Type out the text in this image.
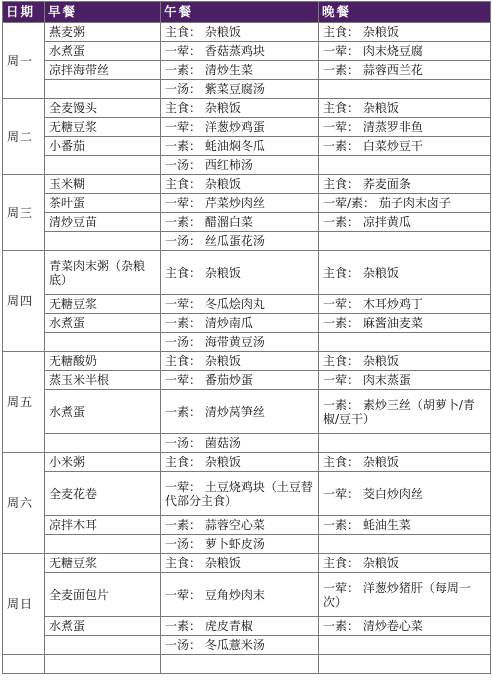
日期	早餐	午餐	晚餐
周一	燕麦粥	主食： 杂粮饭	主食： 杂粮饭
	水煮蛋	一荤： 香菇蒸鸡块	一荤： 肉末烧豆腐
	凉拌海带丝	一素： 清炒生菜	一素： 蒜蓉西兰花
		一汤： 紫菜豆腐汤	
周二	全麦馒头	主食： 杂粮饭	主食： 杂粮饭
	无糖豆浆	一荤： 洋葱炒鸡蛋	一荤： 清蒸罗非鱼
	小番茄	一素： 蚝油焖冬瓜	一素： 白菜炒豆干
		一汤： 西红柿汤	
周三	玉米糊	主食： 杂粮饭	主食： 荞麦面条
	茶叶蛋	一荤： 芹菜炒肉丝	一荤/素： 茄子肉末卤子
	清炒豆苗	一素： 醋溜白菜	一素： 凉拌黄瓜
		一汤： 丝瓜蛋花汤	
周四	青菜肉末粥（杂粮底）	主食： 杂粮饭	主食： 杂粮饭
	无糖豆浆	一荤： 冬瓜烩肉丸	一荤： 木耳炒鸡丁
	水煮蛋	一素： 清炒南瓜	一素： 麻酱油麦菜
		一汤： 海带黄豆汤	
周五	无糖酸奶	主食： 杂粮饭	主食： 杂粮饭
	蒸玉米半根	一荤： 番茄炒蛋	一荤： 肉末蒸蛋
	水煮蛋	一素： 清炒莴笋丝	一素： 素炒三丝（胡萝卜/青椒/豆干）
		一汤： 菌菇汤	
周六	小米粥	主食： 杂粮饭	主食： 杂粮饭
	全麦花卷	一荤： 土豆烧鸡块（土豆替代部分主食）	一荤： 茭白炒肉丝
	凉拌木耳	一素： 蒜蓉空心菜	一素： 蚝油生菜
		一汤： 萝卜虾皮汤	
周日	无糖豆浆	主食： 杂粮饭	主食： 杂粮饭
	全麦面包片	一荤： 豆角炒肉末	一荤： 洋葱炒猪肝（每周一次）
	水煮蛋	一素： 虎皮青椒	一素： 清炒卷心菜
		一汤： 冬瓜薏米汤	
